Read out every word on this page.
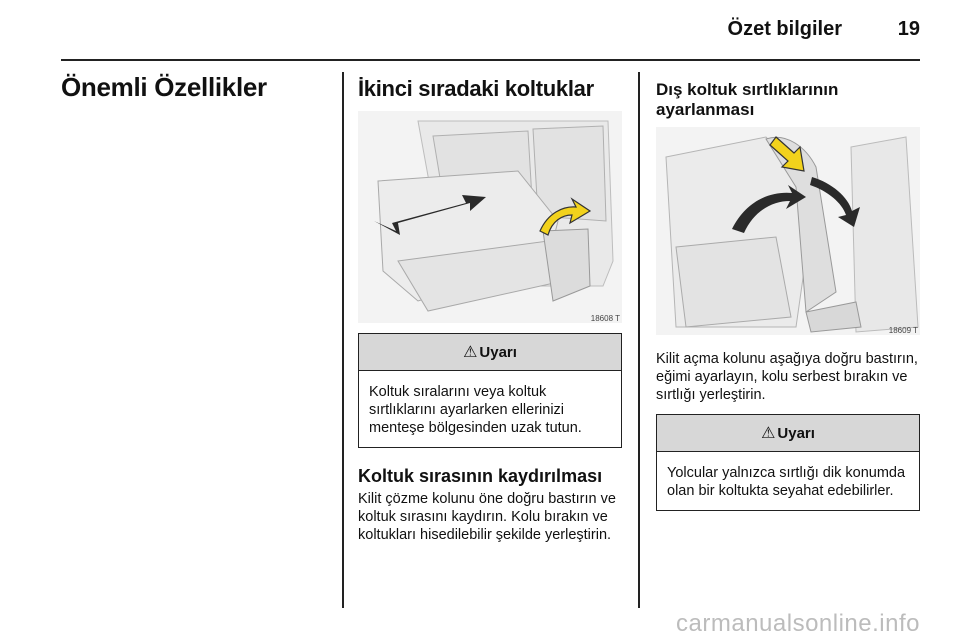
Özet bilgiler	19
Önemli Özellikler	İkinci sıradaki koltuklar
18608 T
⚠ Uyarı
Koltuk sıralarını veya koltuk sırtlıklarını ayarlarken ellerinizi menteşe bölgesinden uzak tutun.
Koltuk sırasının kaydırılması
Kilit çözme kolunu öne doğru bastırın ve koltuk sırasını kaydırın. Kolu bırakın ve koltukları hisedilebilir şekilde yerleştirin.
Dış koltuk sırtlıklarının ayarlanması
18609 T
Kilit açma kolunu aşağıya doğru bastırın, eğimi ayarlayın, kolu serbest bırakın ve sırtlığı yerleştirin.
⚠ Uyarı
Yolcular yalnızca sırtlığı dik konumda olan bir koltukta seyahat edebilirler.
carmanualsonline.info
